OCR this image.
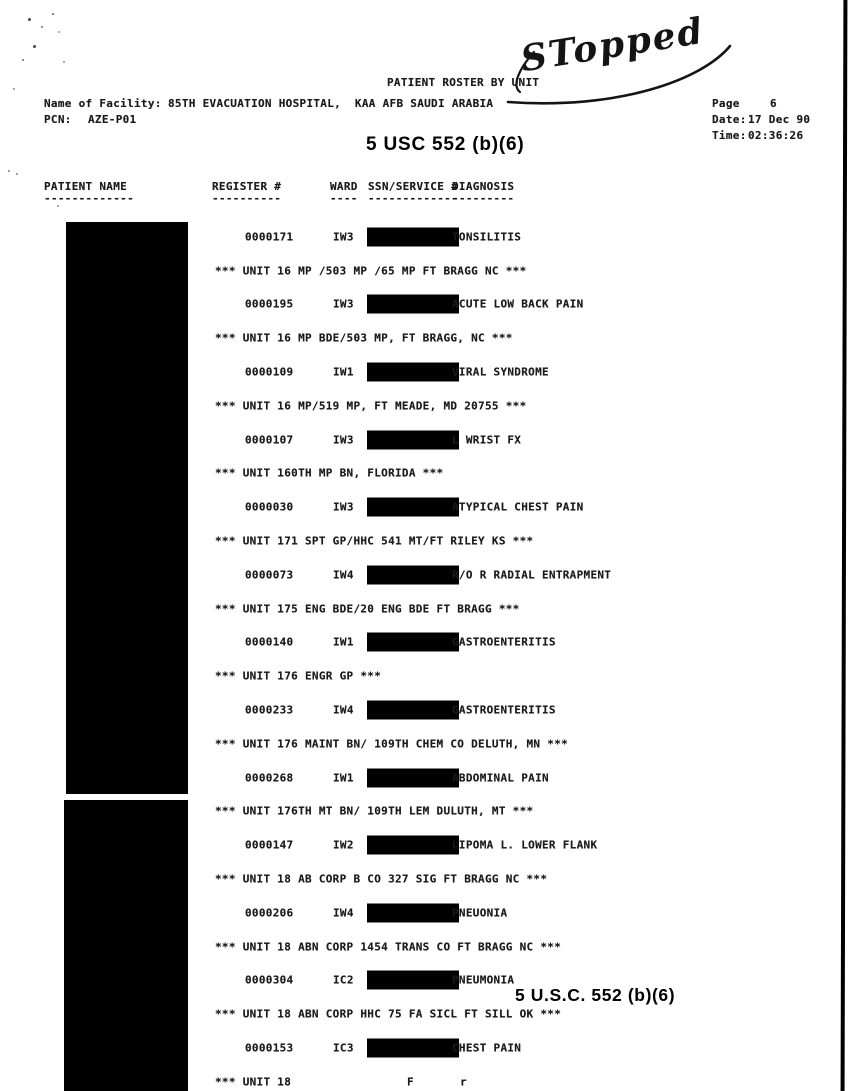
STopped
PATIENT ROSTER BY UNIT
Name of Facility: 85TH EVACUATION HOSPITAL,  KAA AFB SAUDI ARABIA
PCN: AZE-P01
Page	6
Date: 17 Dec 90
Time: 02:36:26
5 USC 552 (b)(6)
5 U.S.C. 552 (b)(6)
PATIENT NAME
-------------
REGISTER #
----------
WARD
----
SSN/SERVICE #
-------------
DIAGNOSIS
---------
0000171	IW3	TONSILITIS
*** UNIT 16 MP /503 MP /65 MP FT BRAGG NC ***
0000195	IW3	ACUTE LOW BACK PAIN
*** UNIT 16 MP BDE/503 MP, FT BRAGG, NC ***
0000109	IW1	VIRAL SYNDROME
*** UNIT 16 MP/519 MP, FT MEADE, MD 20755 ***
0000107	IW3	L WRIST FX
*** UNIT 160TH MP BN, FLORIDA ***
0000030	IW3	ATYPICAL CHEST PAIN
*** UNIT 171 SPT GP/HHC 541 MT/FT RILEY KS ***
0000073	IW4	R/O R RADIAL ENTRAPMENT
*** UNIT 175 ENG BDE/20 ENG BDE FT BRAGG ***
0000140	IW1	GASTROENTERITIS
*** UNIT 176 ENGR GP ***
0000233	IW4	GASTROENTERITIS
*** UNIT 176 MAINT BN/ 109TH CHEM CO DELUTH, MN ***
0000268	IW1	ABDOMINAL PAIN
*** UNIT 176TH MT BN/ 109TH LEM DULUTH, MT ***
0000147	IW2	LIPOMA L. LOWER FLANK
*** UNIT 18 AB CORP B CO 327 SIG FT BRAGG NC ***
0000206	IW4	PNEUONIA
*** UNIT 18 ABN CORP 1454 TRANS CO FT BRAGG NC ***
0000304	IC2	PNEUMONIA
*** UNIT 18 ABN CORP HHC 75 FA SICL FT SILL OK ***
0000153	IC3	CHEST PAIN
*** UNIT 18	F	r
